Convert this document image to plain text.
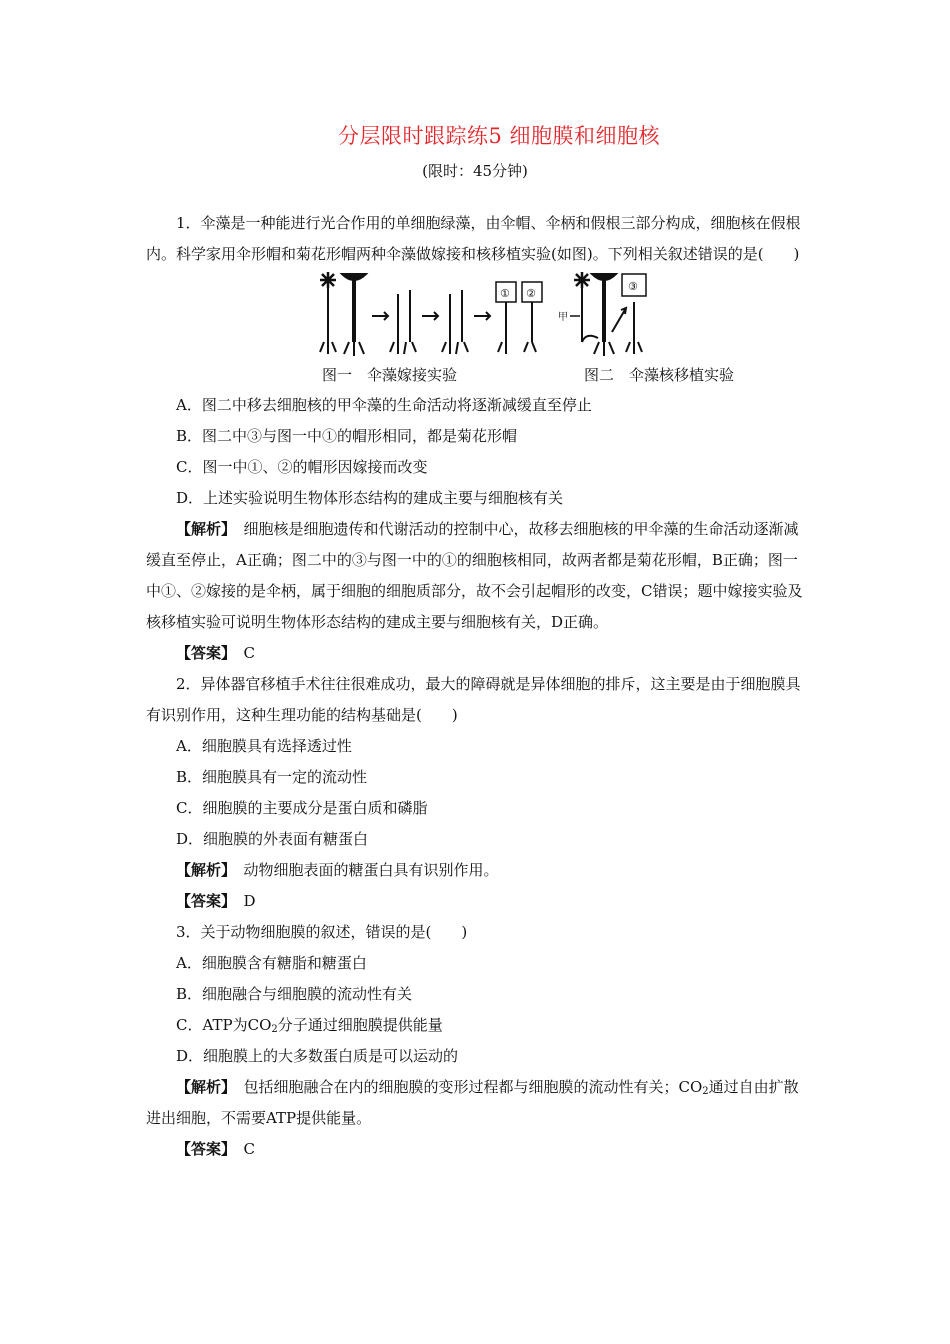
分层限时跟踪练5 细胞膜和细胞核
(限时：45分钟)

1．伞藻是一种能进行光合作用的单细胞绿藻，由伞帽、伞柄和假根三部分构成，细胞核在假根内。科学家用伞形帽和菊花形帽两种伞藻做嫁接和核移植实验(如图)。下列相关叙述错误的是(　　)

① ②
③
甲
图一　伞藻嫁接实验	图二　伞藻核移植实验

A．图二中移去细胞核的甲伞藻的生命活动将逐渐减缓直至停止

B．图二中③与图一中①的帽形相同，都是菊花形帽

C．图一中①、②的帽形因嫁接而改变

D．上述实验说明生物体形态结构的建成主要与细胞核有关

【解析】　细胞核是细胞遗传和代谢活动的控制中心，故移去细胞核的甲伞藻的生命活动逐渐减缓直至停止，A正确；图二中的③与图一中的①的细胞核相同，故两者都是菊花形帽，B正确；图一中①、②嫁接的是伞柄，属于细胞的细胞质部分，故不会引起帽形的改变，C错误；题中嫁接实验及核移植实验可说明生物体形态结构的建成主要与细胞核有关，D正确。

【答案】　C

2．异体器官移植手术往往很难成功，最大的障碍就是异体细胞的排斥，这主要是由于细胞膜具有识别作用，这种生理功能的结构基础是(　　)

A．细胞膜具有选择透过性

B．细胞膜具有一定的流动性

C．细胞膜的主要成分是蛋白质和磷脂

D．细胞膜的外表面有糖蛋白

【解析】　动物细胞表面的糖蛋白具有识别作用。

【答案】　D

3．关于动物细胞膜的叙述，错误的是(　　)

A．细胞膜含有糖脂和糖蛋白

B．细胞融合与细胞膜的流动性有关

C．ATP为$CO_2$分子通过细胞膜提供能量

D．细胞膜上的大多数蛋白质是可以运动的

【解析】　包括细胞融合在内的细胞膜的变形过程都与细胞膜的流动性有关；$CO_2$通过自由扩散进出细胞，不需要ATP提供能量。

【答案】　C
